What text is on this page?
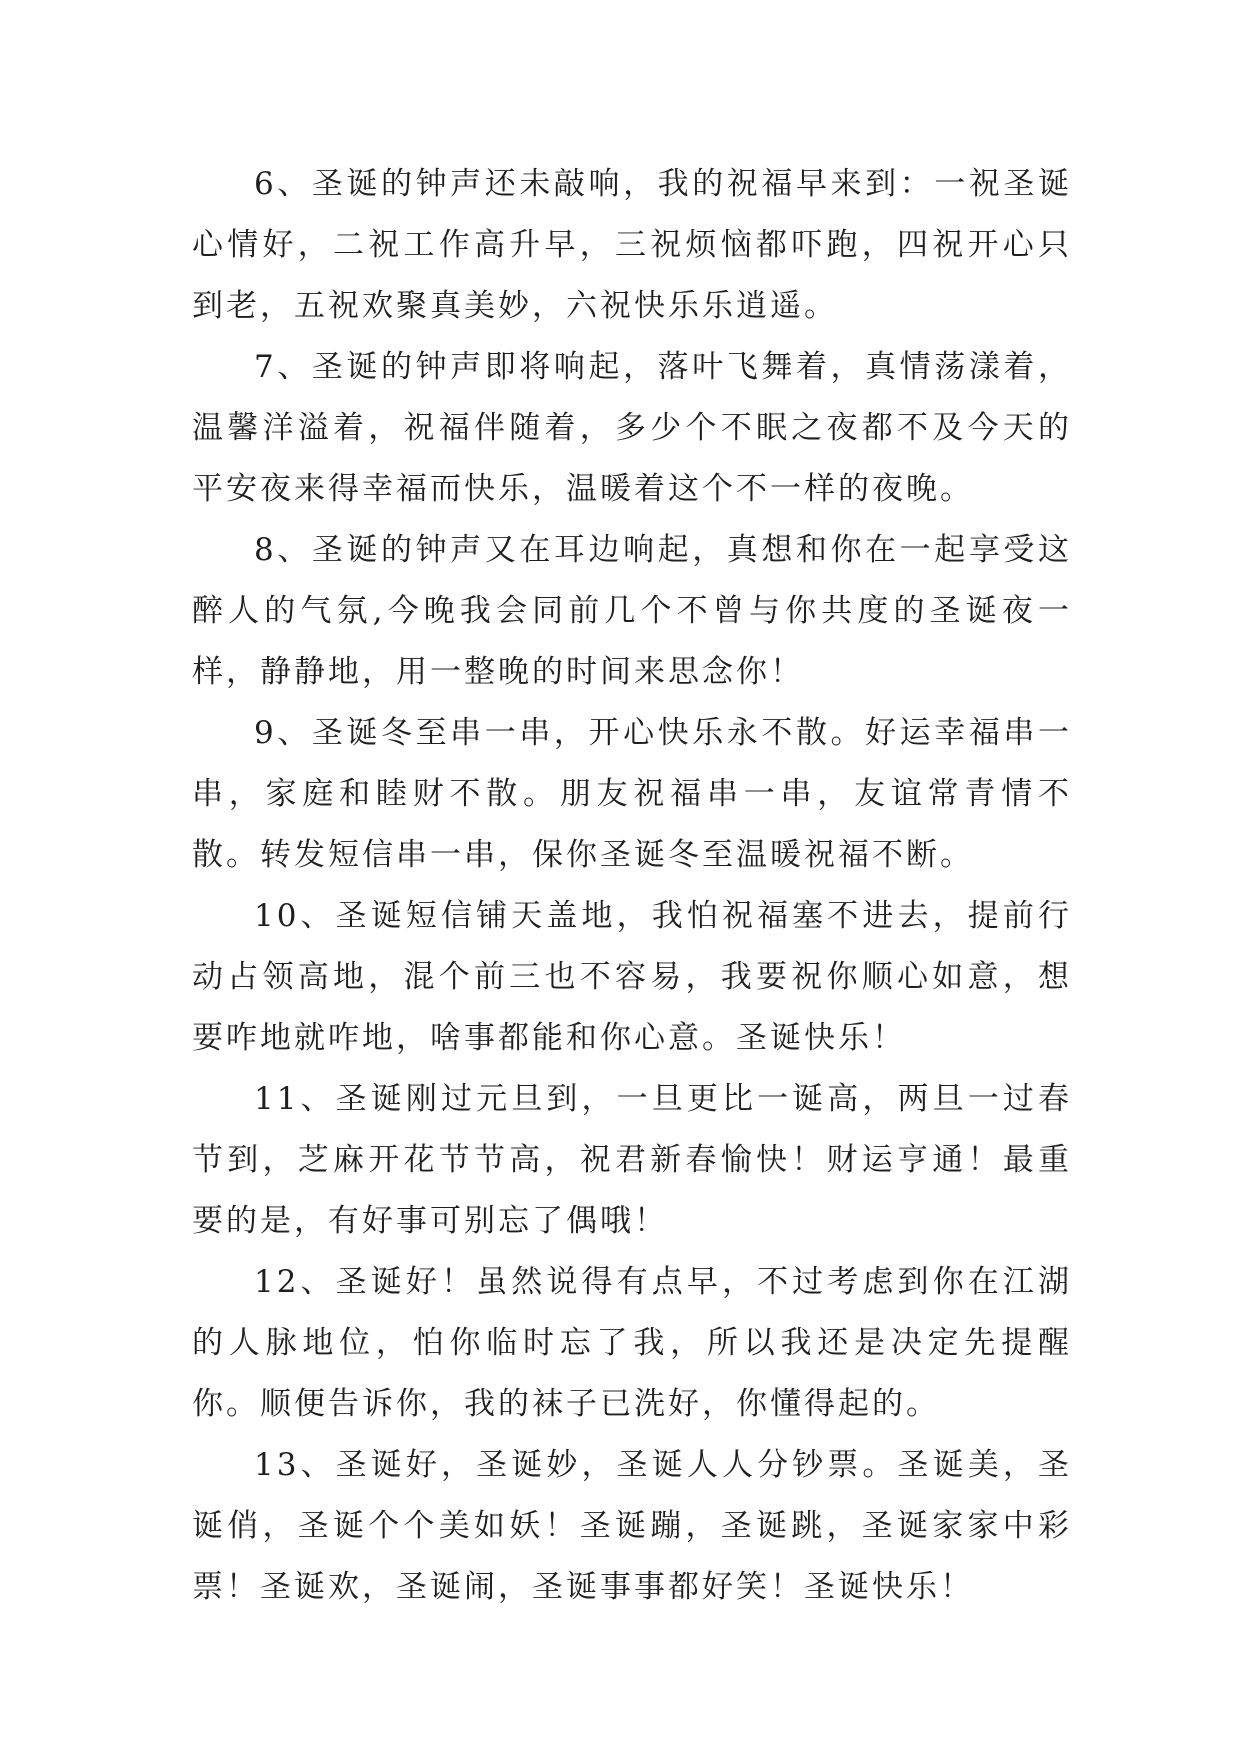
6、圣诞的钟声还未敲响，我的祝福早来到：一祝圣诞心情好，二祝工作高升早，三祝烦恼都吓跑，四祝开心只到老，五祝欢聚真美妙，六祝快乐乐逍遥。

7、圣诞的钟声即将响起，落叶飞舞着，真情荡漾着，温馨洋溢着，祝福伴随着，多少个不眠之夜都不及今天的平安夜来得幸福而快乐，温暖着这个不一样的夜晚。

8、圣诞的钟声又在耳边响起，真想和你在一起享受这醉人的气氛,今晚我会同前几个不曾与你共度的圣诞夜一样，静静地，用一整晚的时间来思念你！

9、圣诞冬至串一串，开心快乐永不散。好运幸福串一串，家庭和睦财不散。朋友祝福串一串，友谊常青情不散。转发短信串一串，保你圣诞冬至温暖祝福不断。

10、圣诞短信铺天盖地，我怕祝福塞不进去，提前行动占领高地，混个前三也不容易，我要祝你顺心如意，想要咋地就咋地，啥事都能和你心意。圣诞快乐！

11、圣诞刚过元旦到，一旦更比一诞高，两旦一过春节到，芝麻开花节节高，祝君新春愉快！财运亨通！最重要的是，有好事可别忘了偶哦！

12、圣诞好！虽然说得有点早，不过考虑到你在江湖的人脉地位，怕你临时忘了我，所以我还是决定先提醒你。顺便告诉你，我的袜子已洗好，你懂得起的。

13、圣诞好，圣诞妙，圣诞人人分钞票。圣诞美，圣诞俏，圣诞个个美如妖！圣诞蹦，圣诞跳，圣诞家家中彩票！圣诞欢，圣诞闹，圣诞事事都好笑！圣诞快乐！
